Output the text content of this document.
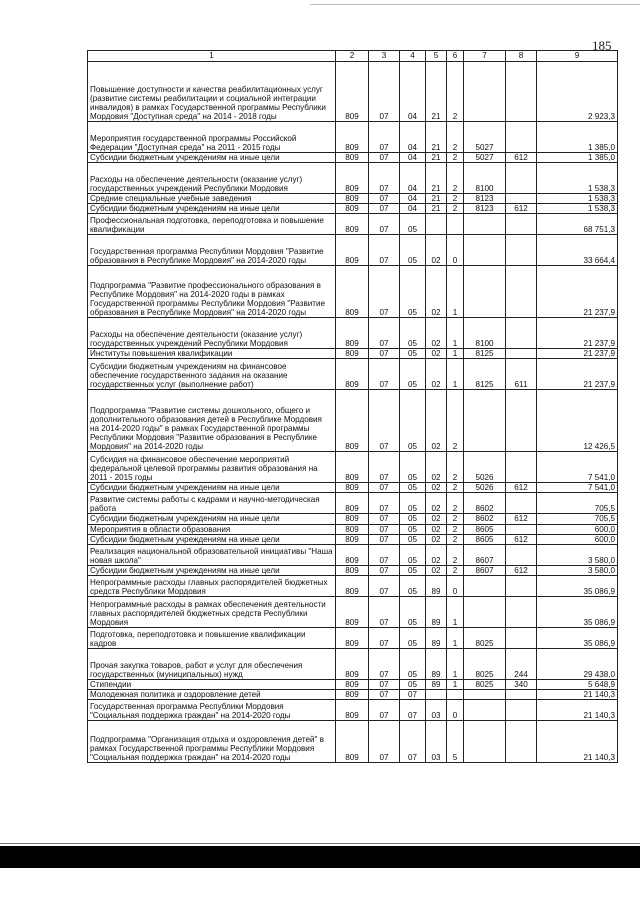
185
1	2	3	4	5	6	7	8	9
Повышение доступности и качества реабилитационных услуг (развитие системы реабилитации и социальной интеграции инвалидов) в рамках Государственной программы Республики Мордовия "Доступная среда" на 2014 - 2018 годы	809	07	04	21	2			2 923,3
Мероприятия государственной программы Российской Федерации "Доступная среда" на 2011 - 2015 годы	809	07	04	21	2	5027		1 385,0
Субсидии бюджетным учреждениям на иные цели	809	07	04	21	2	5027	612	1 385,0
Расходы на обеспечение деятельности (оказание услуг) государственных учреждений Республики Мордовия	809	07	04	21	2	8100		1 538,3
Средние специальные учебные заведения	809	07	04	21	2	8123		1 538,3
Субсидии бюджетным учреждениям на иные цели	809	07	04	21	2	8123	612	1 538,3
Профессиональная подготовка, переподготовка и повышение квалификации	809	07	05					68 751,3
Государственная программа Республики Мордовия "Развитие образования в Республике Мордовия" на 2014-2020 годы	809	07	05	02	0			33 664,4
Подпрограмма "Развитие профессионального образования в Республике Мордовия" на 2014-2020 годы в рамках Государственной программы Республики Мордовия "Развитие образования в Республике Мордовия" на 2014-2020 годы	809	07	05	02	1			21 237,9
Расходы на обеспечение деятельности (оказание услуг) государственных учреждений Республики Мордовия	809	07	05	02	1	8100		21 237,9
Институты повышения квалификации	809	07	05	02	1	8125		21 237,9
Субсидии бюджетным учреждениям на финансовое обеспечение государственного задания на оказание государственных услуг (выполнение работ)	809	07	05	02	1	8125	611	21 237,9
Подпрограмма "Развитие системы дошкольного, общего и дополнительного образования детей в Республике Мордовия на 2014-2020 годы" в рамках Государственной программы Республики Мордовия "Развитие образования в Республике Мордовия" на 2014-2020 годы	809	07	05	02	2			12 426,5
Субсидия на финансовое обеспечение мероприятий федеральной целевой программы развития образования на 2011 - 2015 годы	809	07	05	02	2	5026		7 541,0
Субсидии бюджетным учреждениям на иные цели	809	07	05	02	2	5026	612	7 541,0
Развитие системы работы с кадрами и научно-методическая работа	809	07	05	02	2	8602		705,5
Субсидии бюджетным учреждениям на иные цели	809	07	05	02	2	8602	612	705,5
Мероприятия в области образования	809	07	05	02	2	8605		600,0
Субсидии бюджетным учреждениям на иные цели	809	07	05	02	2	8605	612	600,0
Реализация национальной образовательной инициативы "Наша новая школа"	809	07	05	02	2	8607		3 580,0
Субсидии бюджетным учреждениям на иные цели	809	07	05	02	2	8607	612	3 580,0
Непрограммные расходы главных распорядителей бюджетных средств Республики Мордовия	809	07	05	89	0			35 086,9
Непрограммные расходы в рамках обеспечения деятельности главных распорядителей бюджетных средств Республики Мордовия	809	07	05	89	1			35 086,9
Подготовка, переподготовка и повышение квалификации кадров	809	07	05	89	1	8025		35 086,9
Прочая закупка товаров, работ и услуг для обеспечения государственных (муниципальных) нужд	809	07	05	89	1	8025	244	29 438,0
Стипендии	809	07	05	89	1	8025	340	5 648,9
Молодежная политика и оздоровление детей	809	07	07					21 140,3
Государственная программа Республики Мордовия "Социальная поддержка граждан" на 2014-2020 годы	809	07	07	03	0			21 140,3
Подпрограмма "Организация отдыха и оздоровления детей" в рамках Государственной программы Республики Мордовия "Социальная поддержка граждан" на 2014-2020 годы	809	07	07	03	5			21 140,3
